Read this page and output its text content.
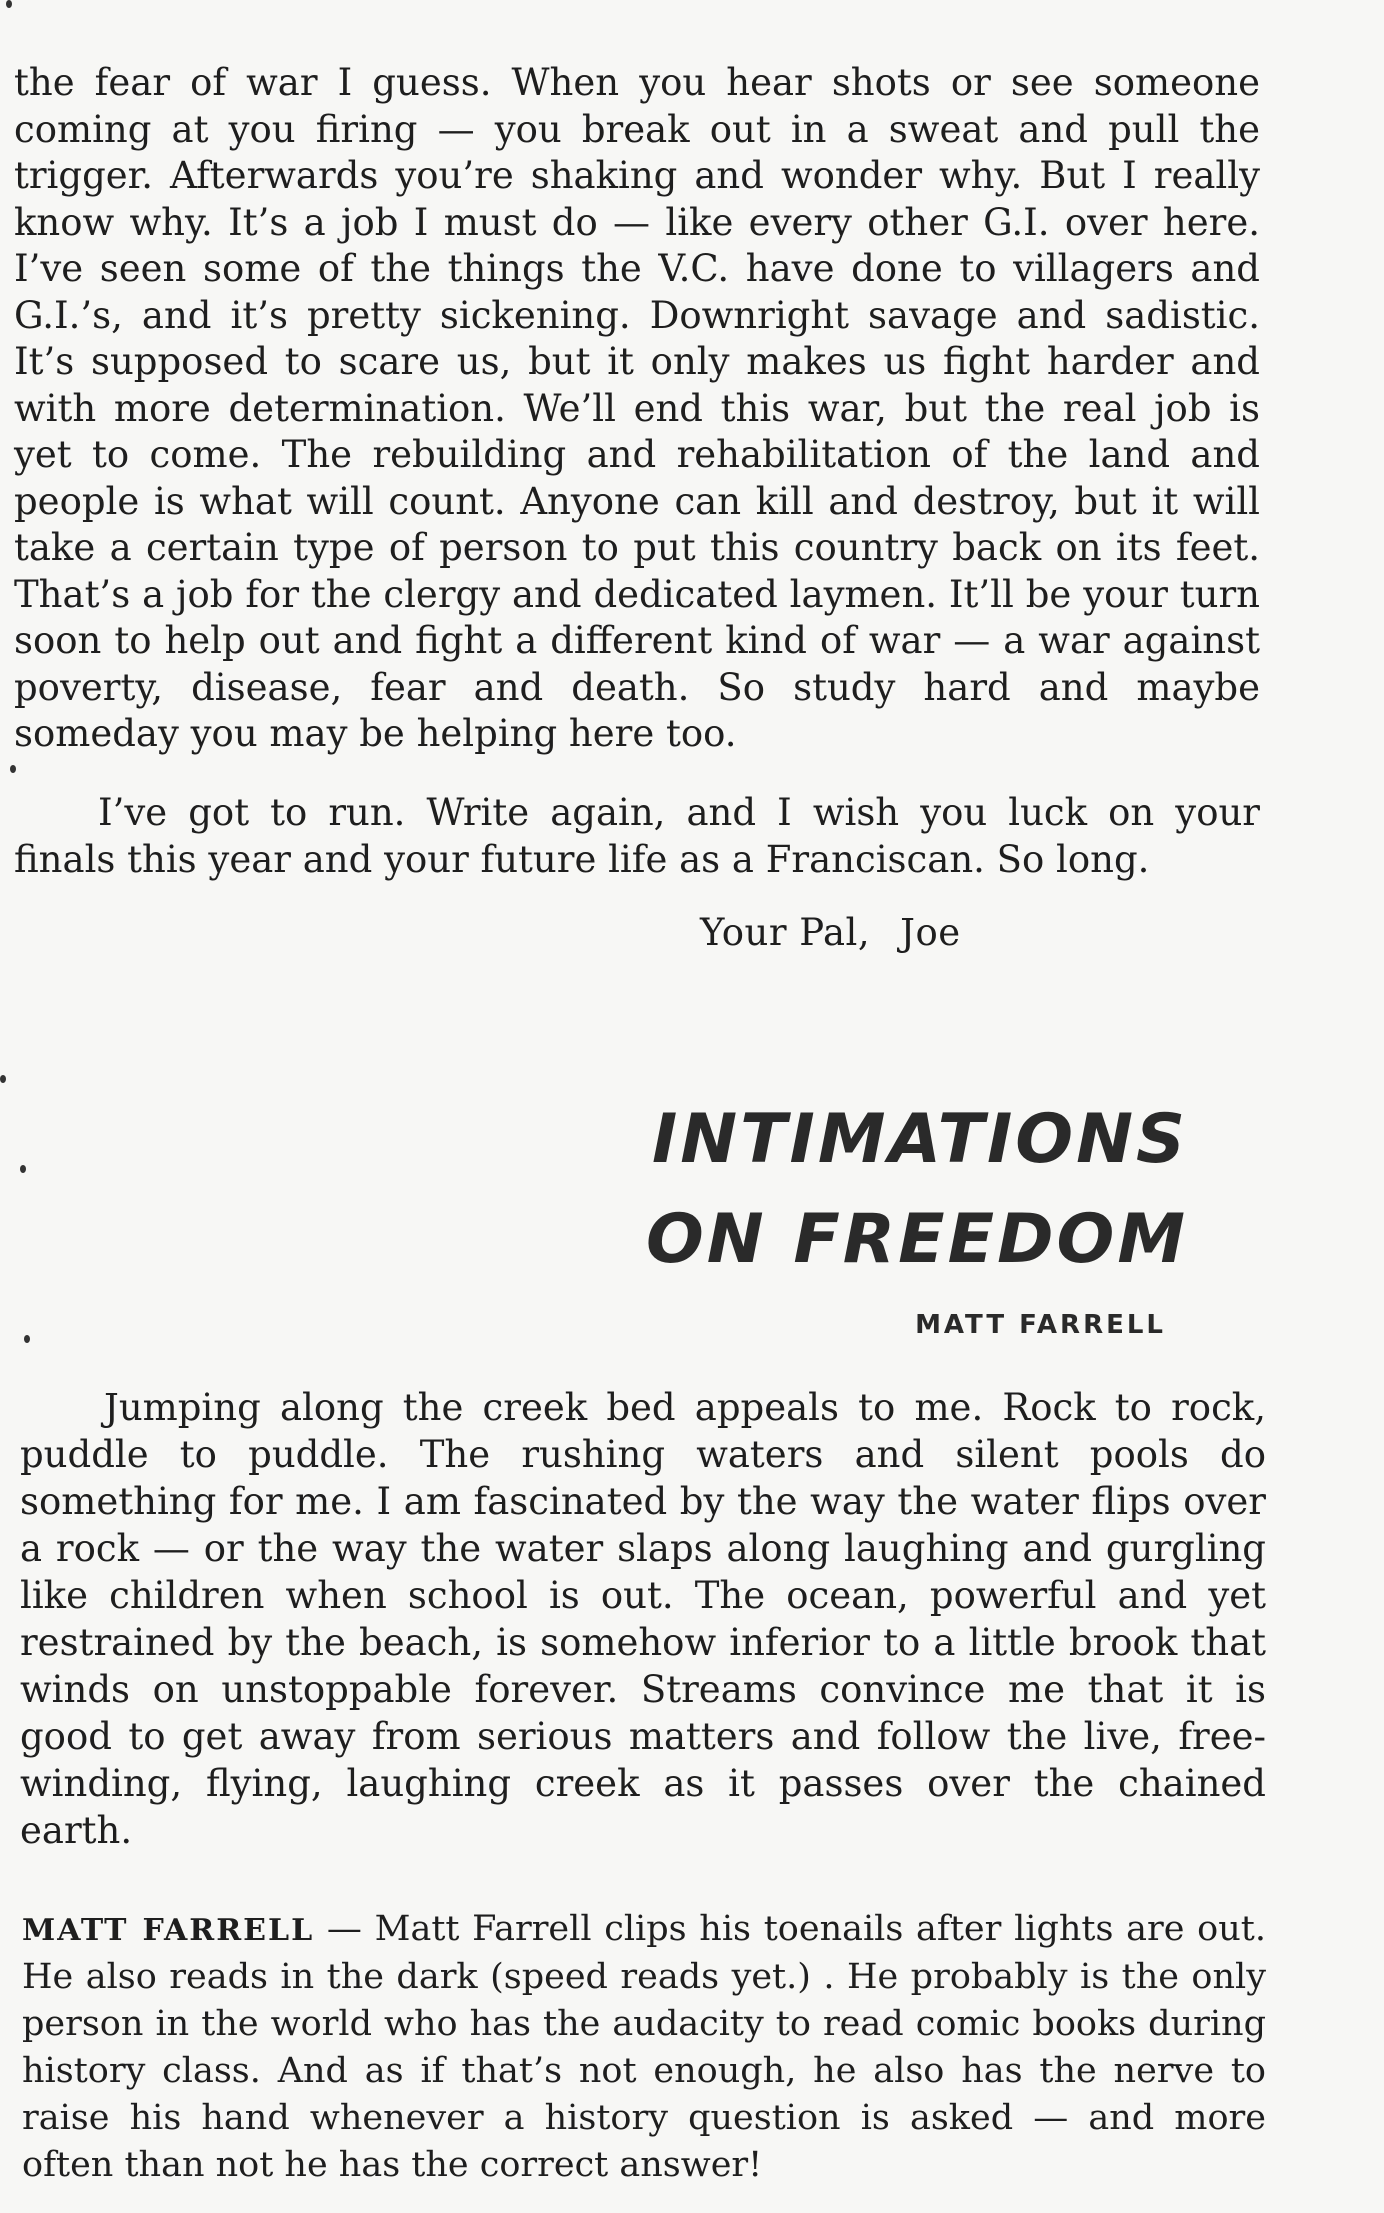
the fear of war I guess. When you hear shots or see someone coming at you firing — you break out in a sweat and pull the trigger. Afterwards you’re shaking and wonder why. But I really know why. It’s a job I must do — like every other G.I. over here. I’ve seen some of the things the V.C. have done to villagers and G.I.’s, and it’s pretty sickening. Downright savage and sadistic. It’s supposed to scare us, but it only makes us fight harder and with more determination. We’ll end this war, but the real job is yet to come. The rebuilding and rehabilitation of the land and people is what will count. Anyone can kill and destroy, but it will take a certain type of person to put this country back on its feet. That’s a job for the clergy and dedicated laymen. It’ll be your turn soon to help out and fight a different kind of war — a war against poverty, disease, fear and death. So study hard and maybe someday you may be helping here too.

I’ve got to run. Write again, and I wish you luck on your finals this year and your future life as a Franciscan. So long.

Your Pal, Joe

INTIMATIONS
ON FREEDOM

MATT FARRELL

Jumping along the creek bed appeals to me. Rock to rock, puddle to puddle. The rushing waters and silent pools do something for me. I am fascinated by the way the water flips over a rock — or the way the water slaps along laughing and gurgling like children when school is out. The ocean, powerful and yet restrained by the beach, is somehow inferior to a little brook that winds on unstoppable forever. Streams convince me that it is good to get away from serious matters and follow the live, free-winding, flying, laughing creek as it passes over the chained earth.

MATT FARRELL — Matt Farrell clips his toenails after lights are out. He also reads in the dark (speed reads yet.) . He probably is the only person in the world who has the audacity to read comic books during history class. And as if that’s not enough, he also has the nerve to raise his hand whenever a history question is asked — and more often than not he has the correct answer!
